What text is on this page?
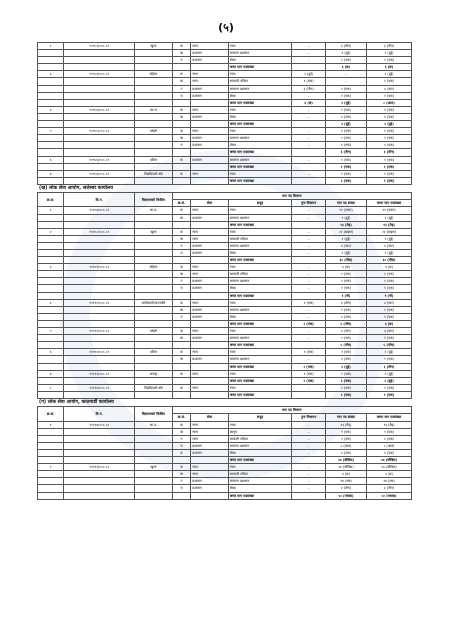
(५)
२	१०९५२/०८०-८१	खुला	क	न्याय	न्याय	–	३ (तीन)	३ (तीन)
			ख	प्रशासन	सामान्य प्रशासन	–	२ (दुई)	२ (दुई)
			ग	प्रशासन	लेखा	–	१ (एक)	१ (एक)
					जम्मा माग पदसंख्या		६ (छ)	६ (छ)
३	१०९५३/०८०-८१	महिला	क	न्याय	न्याय	२ (दुई)	–	२ (दुई)
			ख	न्याय	सरकारी वकिल	१ (एक)	–	१ (एक)
			ग	प्रशासन	सामान्य प्रशासन	३ (तीन)	१ (एक)	४ (चार)
			घ	प्रशासन	लेखा	–	१ (एक)	१ (एक)
					जम्मा माग पदसंख्या	६ (छ)	२ (दुई)	८ (आठ)
४	१०९५४/०८०-८१	आ.ज	क	न्याय	न्याय	–	१ (एक)	१ (एक)
			ख	प्रशासन	लेखा	–	१ (एक)	१ (एक)
					जम्मा माग पदसंख्या		२ (दुई)	२ (दुई)
५	१०९५५/०८०-८१	मधेशी	क	न्याय	न्याय	–	१ (एक)	१ (एक)
			ख	प्रशासन	सामान्य प्रशासन	–	१ (एक)	१ (एक)
			ग	प्रशासन	लेखा	–	१ (एक)	१ (एक)
					जम्मा माग पदसंख्या		३ (तीन)	३ (तीन)
६	१०९५६/०८०-८१	दलित	क	प्रशासन	सामान्य प्रशासन	–	१ (एक)	१ (एक)
					जम्मा माग पदसंख्या		१ (एक)	१ (एक)
७	१०९५७/०८०-८१	पिछडिएको क्षेत्र	क	न्याय	न्याय	–	१ (एक)	१ (एक)
					जम्मा माग पदसंख्या		१ (एक)	१ (एक)
(ख) लोक सेवा आयोग, जलेश्वर कार्यालय
क्र.सं.	वि.नं.	विज्ञापनको किसिम	माग पद विवरण					
			क्र.सं.	सेवा	समूह	पुनः विज्ञापन	माग पद संख्या	जम्मा माग पदसंख्या
१	१११०७/०८०-८१	आ.प्र.	क	न्याय	न्याय	–	११ (एघार)	११ (एघार)
			ख	प्रशासन	सामान्य प्रशासन	–	२ (दुई)	२ (दुई)
					जम्मा माग पदसंख्या		१३ (तेह्र)	१३ (तेह्र)
२	१११०८/०८०-८१	खुला	क	न्याय	न्याय	–	२२ (बाइस)	२२ (बाइस)
			ख	न्याय	सरकारी वकिल	–	२ (दुई)	२ (दुई)
			ग	प्रशासन	सामान्य प्रशासन	–	४ (चार)	४ (चार)
			घ	प्रशासन	लेखा	–	२ (दुई)	२ (दुई)
					जम्मा माग पदसंख्या		३० (तीस)	३० (तीस)
३	१११०९/०८०-८१	महिला	क	न्याय	न्याय	–	६ (छ)	६ (छ)
			ख	न्याय	सरकारी वकिल	–	१ (एक)	१ (एक)
			ग	प्रशासन	सामान्य प्रशासन	–	१ (एक)	१ (एक)
			घ	प्रशासन	लेखा	–	१ (एक)	१ (एक)
					जम्मा माग पदसंख्या		९ (नौ)	९ (नौ)
४	१११९०/०८०-८१	आदिवासी/जनजाति	क	न्याय	न्याय	१ (एक)	३ (तीन)	४ (चार)
			ख	प्रशासन	सामान्य प्रशासन	–	१ (एक)	१ (एक)
			ग	प्रशासन	लेखा	–	१ (एक)	१ (एक)
					जम्मा माग पदसंख्या	१ (एक)	५ (पाँच)	६ (छ)
५	१११११/०८०-८१	मधेशी	क	न्याय	न्याय	–	४ (चार)	४ (चार)
			ख	प्रशासन	सामान्य प्रशासन	–	१ (एक)	१ (एक)
					जम्मा माग पदसंख्या		५ (पाँच)	५ (पाँच)
६	१११९२/०८०-८१	दलित	क	न्याय	न्याय	१ (एक)	१ (एक)	२ (दुई)
			ख	प्रशासन	सामान्य प्रशासन	–	१ (एक)	१ (एक)
					जम्मा माग पदसंख्या	१ (एक)	२ (दुई)	३ (तीन)
७	१११९३/०८०-८१	अपाङ्ग	क	न्याय	न्याय	१ (एक)	१ (एक)	२ (दुई)
					जम्मा माग पदसंख्या	१ (एक)	१ (एक)	२ (दुई)
८	१११९४/०८०-८१	पिछडिएको क्षेत्र	क	न्याय	न्याय	–	१ (एक)	१ (एक)
					जम्मा माग पदसंख्या		१ (एक)	१ (एक)
(ग) लोक सेवा आयोग, काठमाडौं कार्यालय
क्र.सं.	वि.नं.	विज्ञापनको किसिम	माग पद विवरण					
			क्र.सं.	सेवा	समूह	पुनः विज्ञापन	माग पद संख्या	जम्मा माग पदसंख्या
१	१११९७/०८०-८१	आ.प्र.	क	न्याय	न्याय	–	१३ (तेह्र)	१३ (तेह्र)
			ख	न्याय	कानून	–	१ (एक)	१ (एक)
			ग	न्याय	सरकारी वकिल	–	१ (एक)	१ (एक)
			घ	प्रशासन	सामान्य प्रशासन	–	८ (आठ)	८ (आठ)
			ङ	प्रशासन	लेखा	–	१ (एक)	१ (एक)
					जम्मा माग पदसंख्या		२४ (चौबिस)	२४ (चौबिस)
२	१११९९/०८०-८१	खुला	क	न्याय	न्याय	–	२४ (चौबिस)	२४ (चौबिस)
			ख	न्याय	सरकारी वकिल	–	६ (छ)	६ (छ)
			ग	प्रशासन	सामान्य प्रशासन	–	१७ (सत्र)	१७ (सत्र)
			घ	प्रशासन	लेखा	–	३ (तीन)	३ (तीन)
					जम्मा माग पदसंख्या		५० (पचास)	५० (पचास)
